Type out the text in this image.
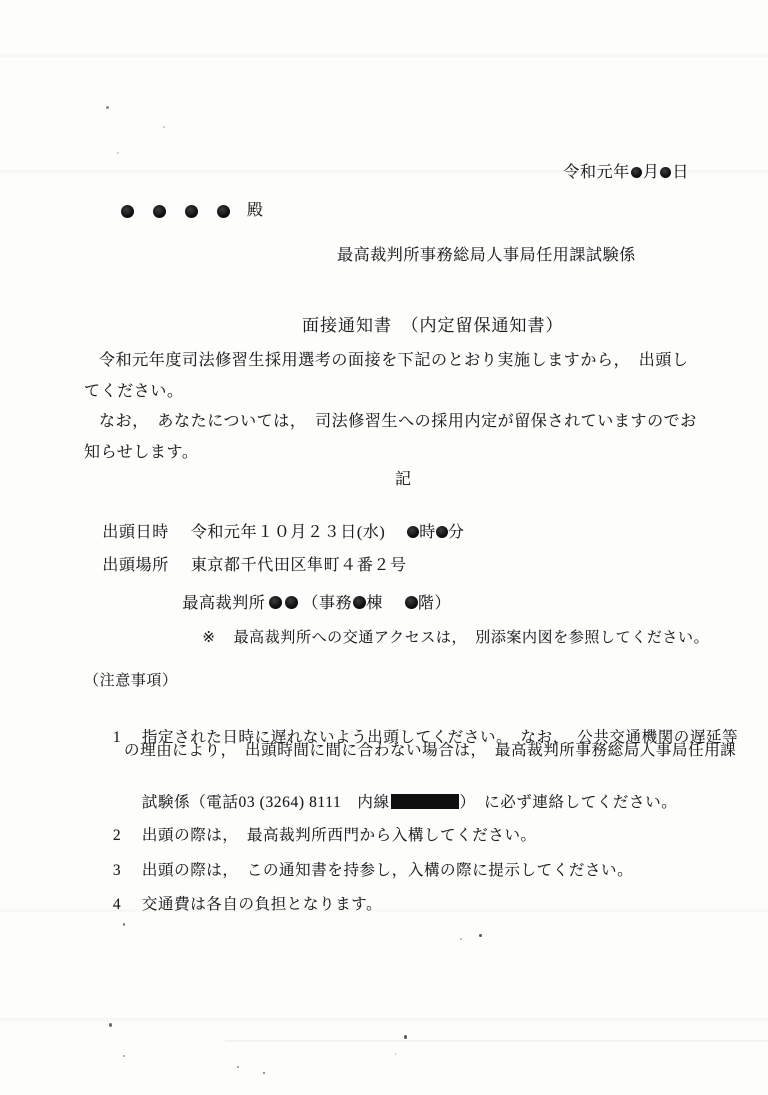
令和元年 月 日

殿
最高裁判所事務総局人事局任用課試験係
面接通知書　（内定留保通知書）
令和元年度司法修習生採用選考の面接を下記のとおり実施しますから，　出頭し
てください。
なお，　あなたについては，　司法修習生への採用内定が留保されていますのでお
知らせします。
記

出頭日時 令和元年１０月２３日(水) 時 分

出頭場所 東京都千代田区隼町４番２号

最高裁判所 （事務 棟 階）

※ 最高裁判所への交通アクセスは，　別添案内図を参照してください。

（注意事項）

1 指定された日時に遅れないよう出頭してください。　なお，　公共交通機関の遅延等

の理由により，　出頭時間に間に合わない場合は，　最高裁判所事務総局人事局任用課

試験係（電話03 (3264) 8111　内線	）　に必ず連絡してください。

2 出頭の際は，　最高裁判所西門から入構してください。

3 出頭の際は，　この通知書を持参し，入構の際に提示してください。

4 交通費は各自の負担となります。
